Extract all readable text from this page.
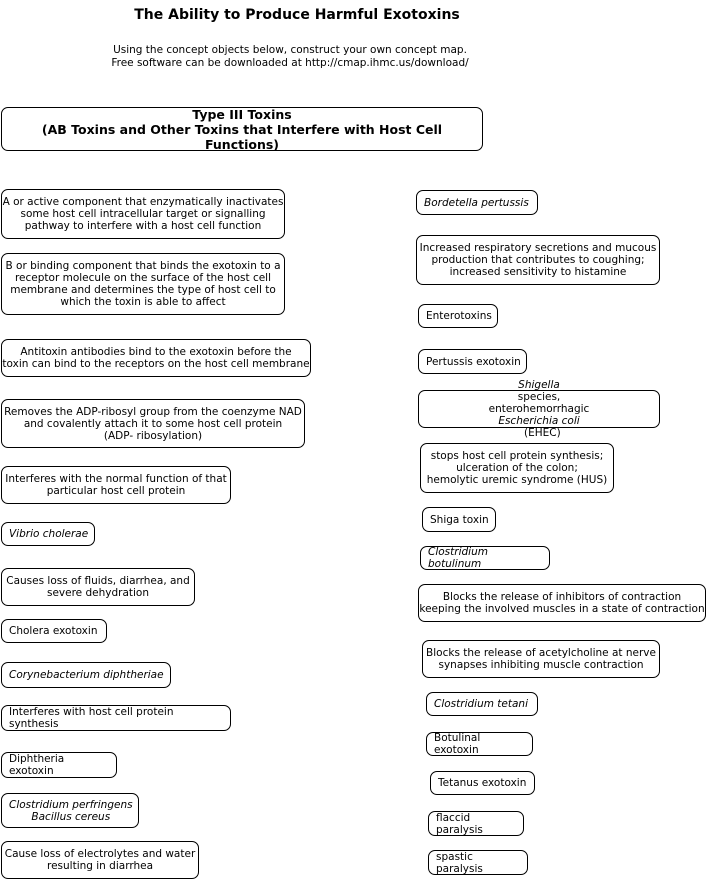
The Ability to Produce Harmful Exotoxins
Using the concept objects below, construct your own concept map.
Free software can be downloaded at http://cmap.ihmc.us/download/
Type III Toxins
(AB Toxins and Other Toxins that Interfere with Host Cell Functions)
A or active component that enzymatically inactivates
some host cell intracellular target or signalling
pathway to interfere with a host cell function
B or binding component that binds the exotoxin to a
receptor molecule on the surface of the host cell
membrane and determines the type of host cell to
which the toxin is able to affect
Antitoxin antibodies bind to the exotoxin before the
toxin can bind to the receptors on the host cell membrane
Removes the ADP-ribosyl group from the coenzyme NAD
and covalently attach it to some host cell protein
(ADP- ribosylation)
Interferes with the normal function of that
particular host cell protein
Vibrio cholerae
Causes loss of fluids, diarrhea, and
severe dehydration
Cholera exotoxin
Corynebacterium diphtheriae
Interferes with host cell protein synthesis
Diphtheria exotoxin
Clostridium perfringens
Bacillus cereus
Cause loss of electrolytes and water
resulting in diarrhea
Bordetella pertussis
Increased respiratory secretions and mucous
production that contributes to coughing;
increased sensitivity to histamine
Enterotoxins
Pertussis exotoxin
Shigella
species,
enterohemorrhagic
Escherichia coli
(EHEC)
stops host cell protein synthesis;
ulceration of the colon;
hemolytic uremic syndrome (HUS)
Shiga toxin
Clostridium botulinum
Blocks the release of inhibitors of contraction
keeping the involved muscles in a state of contraction
Blocks the release of acetylcholine at nerve
synapses inhibiting muscle contraction
Clostridium tetani
Botulinal exotoxin
Tetanus exotoxin
flaccid paralysis
spastic paralysis
